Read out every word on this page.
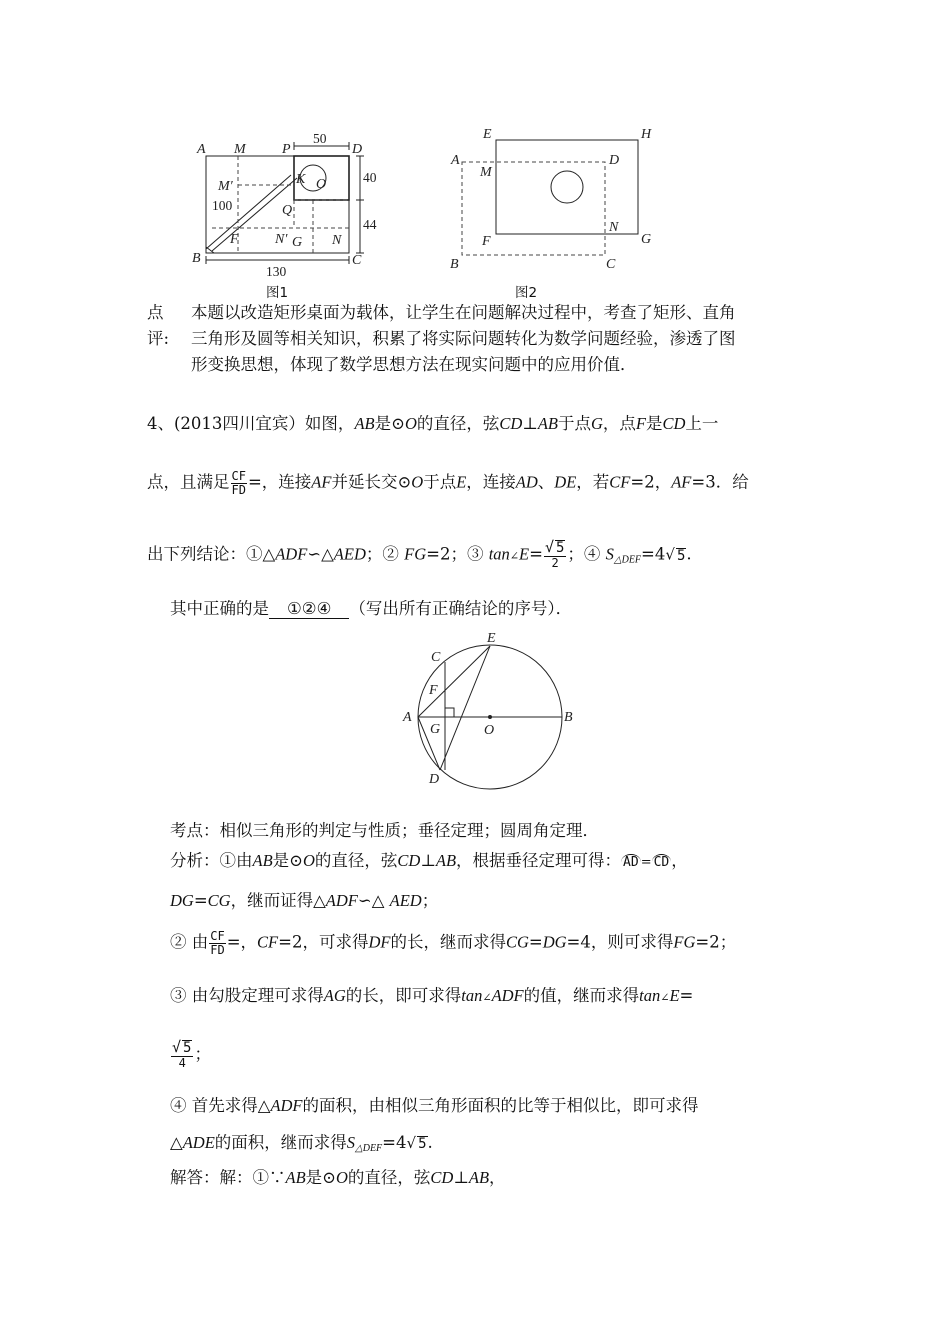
A M	P	D
M′	K O
Q
F	N′ G N
B	C
50
40
44
100
130
图1
E	H
A
M
D
F
N
G
B	C
图2
点
评:
本题以改造矩形桌面为载体，让学生在问题解决过程中，考查了矩形、直角
三角形及圆等相关知识，积累了将实际问题转化为数学问题经验，渗透了图
形变换思想，体现了数学思想方法在现实问题中的应用价值．
4、(2013四川宜宾）如图，AB是⊙O的直径，弦CD⊥AB于点G，点F是CD上一
点，且满足 $\frac{CF}{FD}$ =，连接AF并延长交⊙O于点E，连接AD、DE，若CF=2，AF=3．给
出下列结论：①△ADF∽△AED；② FG=2；③ tan∠E= $\frac{√ 5}{2}$ ；④ $S_{\triangle DEF}=4√$ 5.
其中正确的是 ①②④ （写出所有正确结论的序号）．
C
E
F
A
G	O
B
D
考点：相似三角形的判定与性质；垂径定理；圆周角定理．
分析：①由AB是⊙O的直径，弦CD⊥AB，根据垂径定理可得： AD = CD ，
DG=CG，继而证得△ADF∽△ AED；
② 由 $\frac{CF}{FD}$ =，CF=2，可求得DF的长，继而求得CG=DG=4，则可求得FG=2；
③ 由勾股定理可求得AG的长，即可求得tan∠ADF的值，继而求得tan∠E=
$\frac{√ 5}{4}$ ；
④ 首先求得△ADF的面积，由相似三角形面积的比等于相似比，即可求得
△ADE的面积，继而求得$S_{\triangle DEF}=4√$ 5.
解答：解：①∵AB是⊙O的直径，弦CD⊥AB，
